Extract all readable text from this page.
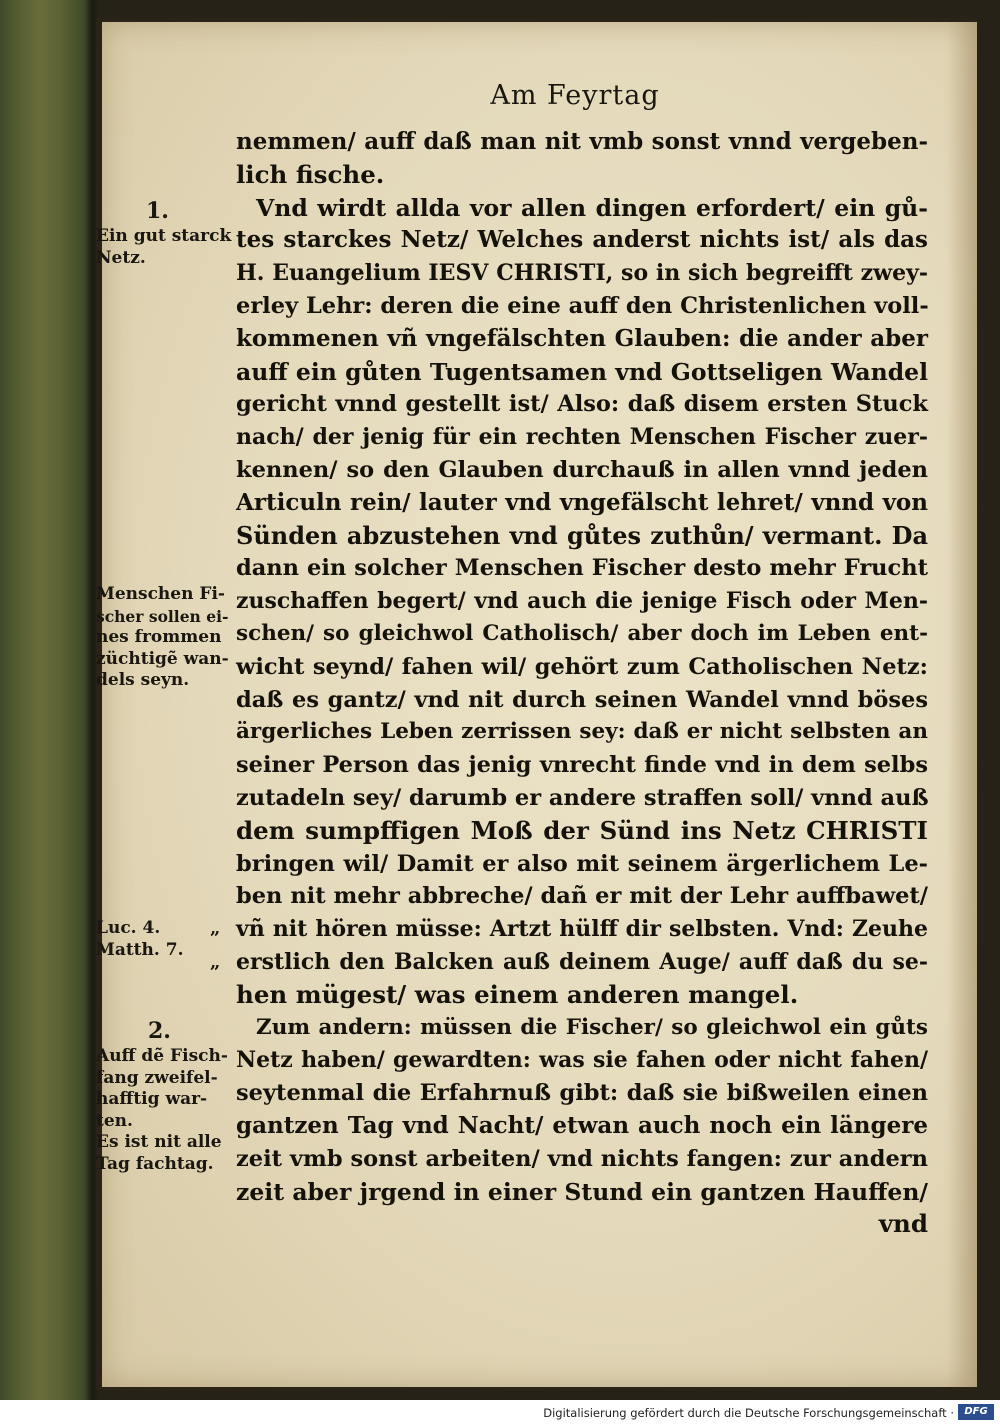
Am Feyrtag
nemmen/ auff daß man nit vmb sonst vnnd vergeben-
lich fische.
Vnd wirdt allda vor allen dingen erfordert/ ein gů-
tes starckes Netz/ Welches anderst nichts ist/ als das
H. Euangelium IESV CHRISTI, so in sich begreifft zwey-
erley Lehr: deren die eine auff den Christenlichen voll-
kommenen vñ vngefälschten Glauben: die ander aber
auff ein gůten Tugentsamen vnd Gottseligen Wandel
gericht vnnd gestellt ist/ Also: daß disem ersten Stuck
nach/ der jenig für ein rechten Menschen Fischer zuer-
kennen/ so den Glauben durchauß in allen vnnd jeden
Articuln rein/ lauter vnd vngefälscht lehret/ vnnd von
Sünden abzustehen vnd gůtes zuthůn/ vermant. Da
dann ein solcher Menschen Fischer desto mehr Frucht
zuschaffen begert/ vnd auch die jenige Fisch oder Men-
schen/ so gleichwol Catholisch/ aber doch im Leben ent-
wicht seynd/ fahen wil/ gehört zum Catholischen Netz:
daß es gantz/ vnd nit durch seinen Wandel vnnd böses
ärgerliches Leben zerrissen sey: daß er nicht selbsten an
seiner Person das jenig vnrecht finde vnd in dem selbs
zutadeln sey/ darumb er andere straffen soll/ vnnd auß
dem sumpffigen Moß der Sünd ins Netz CHRISTI
bringen wil/ Damit er also mit seinem ärgerlichem Le-
ben nit mehr abbreche/ dañ er mit der Lehr auffbawet/
vñ nit hören müsse: Artzt hülff dir selbsten. Vnd: Zeuhe
erstlich den Balcken auß deinem Auge/ auff daß du se-
hen mügest/ was einem anderen mangel.
Zum andern: müssen die Fischer/ so gleichwol ein gůts
Netz haben/ gewardten: was sie fahen oder nicht fahen/
seytenmal die Erfahrnuß gibt: daß sie bißweilen einen
gantzen Tag vnd Nacht/ etwan auch noch ein längere
zeit vmb sonst arbeiten/ vnd nichts fangen: zur andern
zeit aber jrgend in einer Stund ein gantzen Hauffen/
vnd
1.
Ein gut starck
Netz.
Menschen Fi-
scher sollen ei-
nes frommen
züchtigẽ wan-
dels seyn.
Luc. 4.
Matth. 7.
„
„
2.
Auff dẽ Fisch-
fang zweifel-
hafftig war-
ten.
Es ist nit alle
Tag fachtag.
Digitalisierung gefördert durch die Deutsche Forschungsgemeinschaft ·	DFG
